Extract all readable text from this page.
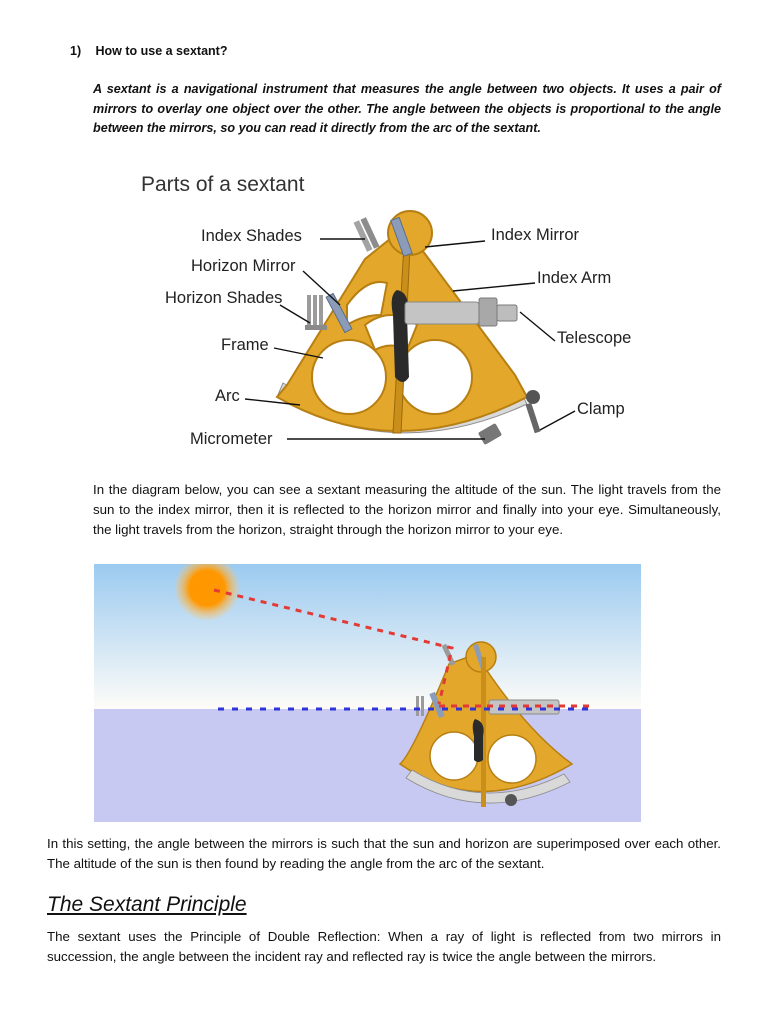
1) How to use a sextant?

A sextant is a navigational instrument that measures the angle between two objects. It uses a pair of mirrors to overlay one object over the other. The angle between the objects is proportional to the angle between the mirrors, so you can read it directly from the arc of the sextant.

Parts of a sextant
Index Shades
Horizon Mirror
Horizon Shades
Frame
Arc
Micrometer
Index Mirror
Index Arm
Telescope
Clamp

In the diagram below, you can see a sextant measuring the altitude of the sun. The light travels from the sun to the index mirror, then it is reflected to the horizon mirror and finally into your eye. Simultaneously, the light travels from the horizon, straight through the horizon mirror to your eye.

In this setting, the angle between the mirrors is such that the sun and horizon are superimposed over each other. The altitude of the sun is then found by reading the angle from the arc of the sextant.

The Sextant Principle

The sextant uses the Principle of Double Reflection: When a ray of light is reflected from two mirrors in succession, the angle between the incident ray and reflected ray is twice the angle between the mirrors.
